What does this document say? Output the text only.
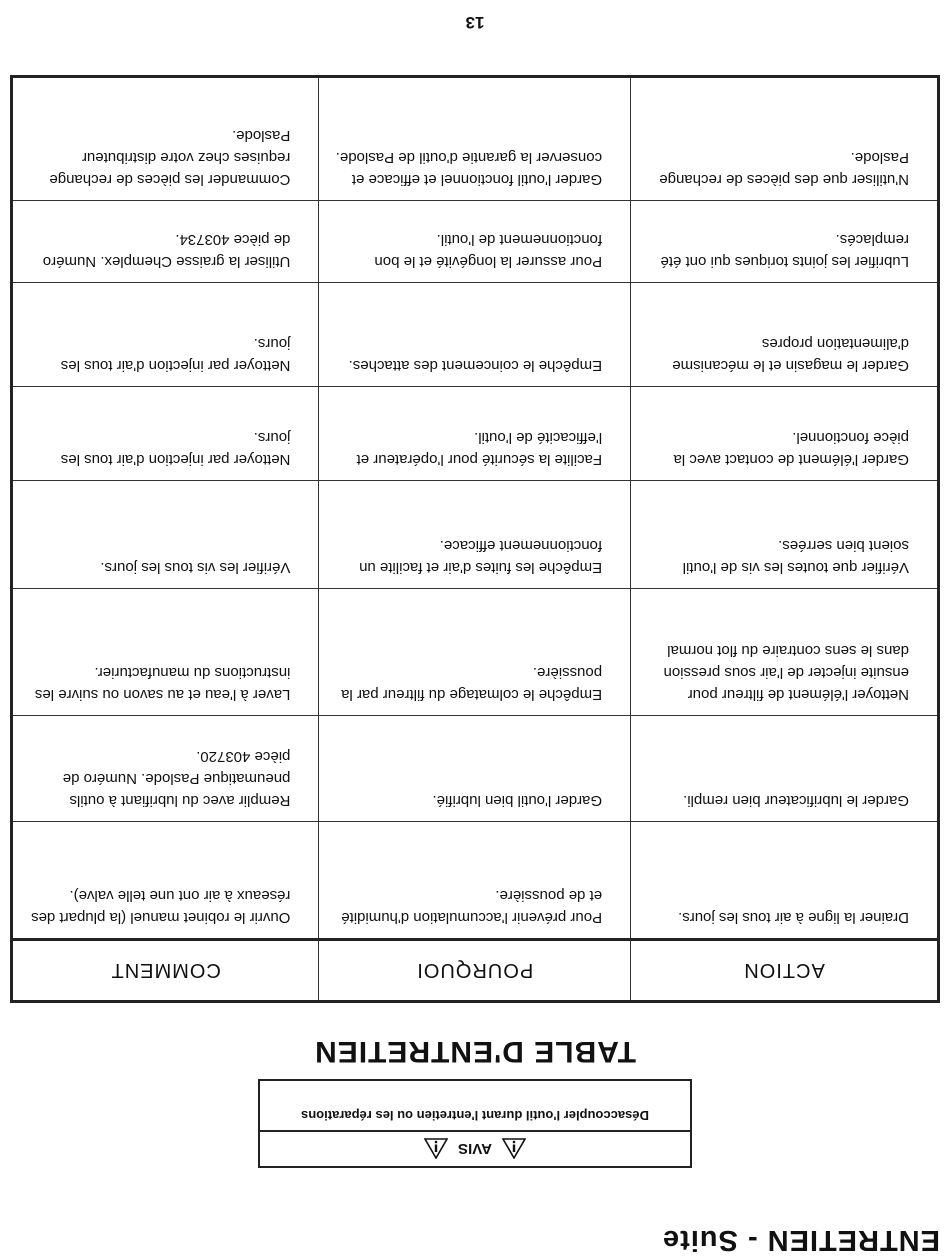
ENTRETIEN - Suite
AVIS
Désaccoupler l'outil durant l'entretien ou les réparations
TABLE D'ENTRETIEN
ACTION	POURQUOI	COMMENT
Drainer la ligne à air tous les jours.	Pour prévenir l'accumulation d'humidité et de poussière.	Ouvrir le robinet manuel (la plupart des réseaux à air ont une telle valve).
Garder le lubrificateur bien rempli.	Garder l'outil bien lubrifié.	Remplir avec du lubrifiant à outils pneumatique Paslode. Numéro de pièce 403720.
Nettoyer l'élément de filtreur pour ensuite injecter de l'air sous pression dans le sens contraire du flot normal	Empêche le colmatage du filtreur par la poussière.	Laver à l'eau et au savon ou suivre les instructions du manufacturier.
Vérifier que toutes les vis de l'outil soient bien serrées.	Empêche les fuites d'air et facilite un fonctionnement efficace.	Vérifier les vis tous les jours.
Garder l'élément de contact avec la pièce fonctionnel.	Facilite la sécurité pour l'opérateur et l'efficacité de l'outil.	Nettoyer par injection d'air tous les jours.
Garder le magasin et le mécanisme d'alimentation propres	Empêche le coincement des attaches.	Nettoyer par injection d'air tous les jours.
Lubrifier les joints toriques qui ont été remplacés.	Pour assurer la longévité et le bon fonctionnement de l'outil.	Utiliser la graisse Chemplex. Numéro de pièce 403734.
N'utiliser que des pièces de rechange Paslode.	Garder l'outil fonctionnel et efficace et conserver la garantie d'outil de Paslode.	Commander les pièces de rechange requises chez votre distributeur Paslode.
13
